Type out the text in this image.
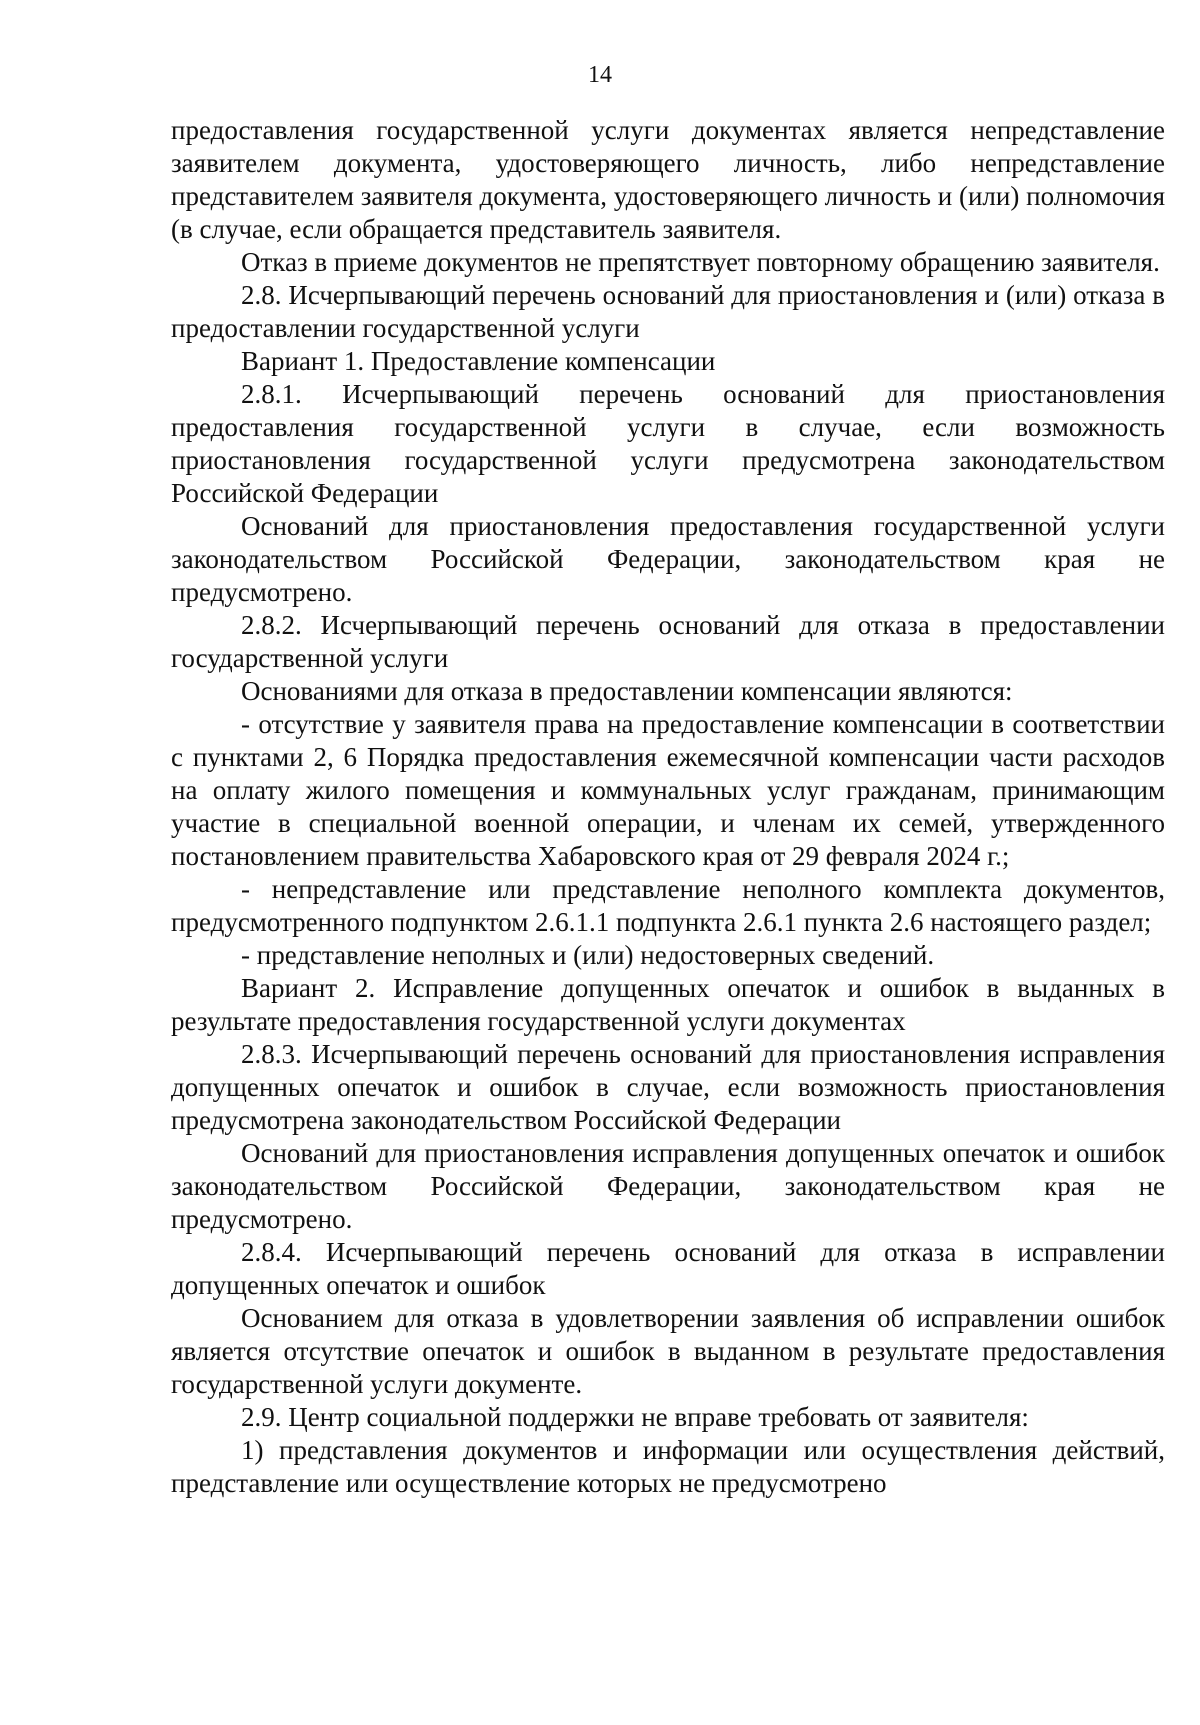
14

предоставления государственной услуги документах является непредставление заявителем документа, удостоверяющего личность, либо непредставление представителем заявителя документа, удостоверяющего личность и (или) полномочия (в случае, если обращается представитель заявителя.

Отказ в приеме документов не препятствует повторному обращению заявителя.

2.8. Исчерпывающий перечень оснований для приостановления и (или) отказа в предоставлении государственной услуги

Вариант 1. Предоставление компенсации

2.8.1. Исчерпывающий перечень оснований для приостановления предоставления государственной услуги в случае, если возможность приостановления государственной услуги предусмотрена законодательством Российской Федерации

Оснований для приостановления предоставления государственной услуги законодательством Российской Федерации, законодательством края не предусмотрено.

2.8.2. Исчерпывающий перечень оснований для отказа в предоставлении государственной услуги

Основаниями для отказа в предоставлении компенсации являются:

- отсутствие у заявителя права на предоставление компенсации в соответствии с пунктами 2, 6 Порядка предоставления ежемесячной компенсации части расходов на оплату жилого помещения и коммунальных услуг гражданам, принимающим участие в специальной военной операции, и членам их семей, утвержденного постановлением правительства Хабаровского края от 29 февраля 2024 г.;

- непредставление или представление неполного комплекта документов, предусмотренного подпунктом 2.6.1.1 подпункта 2.6.1 пункта 2.6 настоящего раздел;

- представление неполных и (или) недостоверных сведений.

Вариант 2. Исправление допущенных опечаток и ошибок в выданных в результате предоставления государственной услуги документах

2.8.3. Исчерпывающий перечень оснований для приостановления исправления допущенных опечаток и ошибок в случае, если возможность приостановления предусмотрена законодательством Российской Федерации

Оснований для приостановления исправления допущенных опечаток и ошибок законодательством Российской Федерации, законодательством края не предусмотрено.

2.8.4. Исчерпывающий перечень оснований для отказа в исправлении допущенных опечаток и ошибок

Основанием для отказа в удовлетворении заявления об исправлении ошибок является отсутствие опечаток и ошибок в выданном в результате предоставления государственной услуги документе.

2.9. Центр социальной поддержки не вправе требовать от заявителя:

1) представления документов и информации или осуществления действий, представление или осуществление которых не предусмотрено
